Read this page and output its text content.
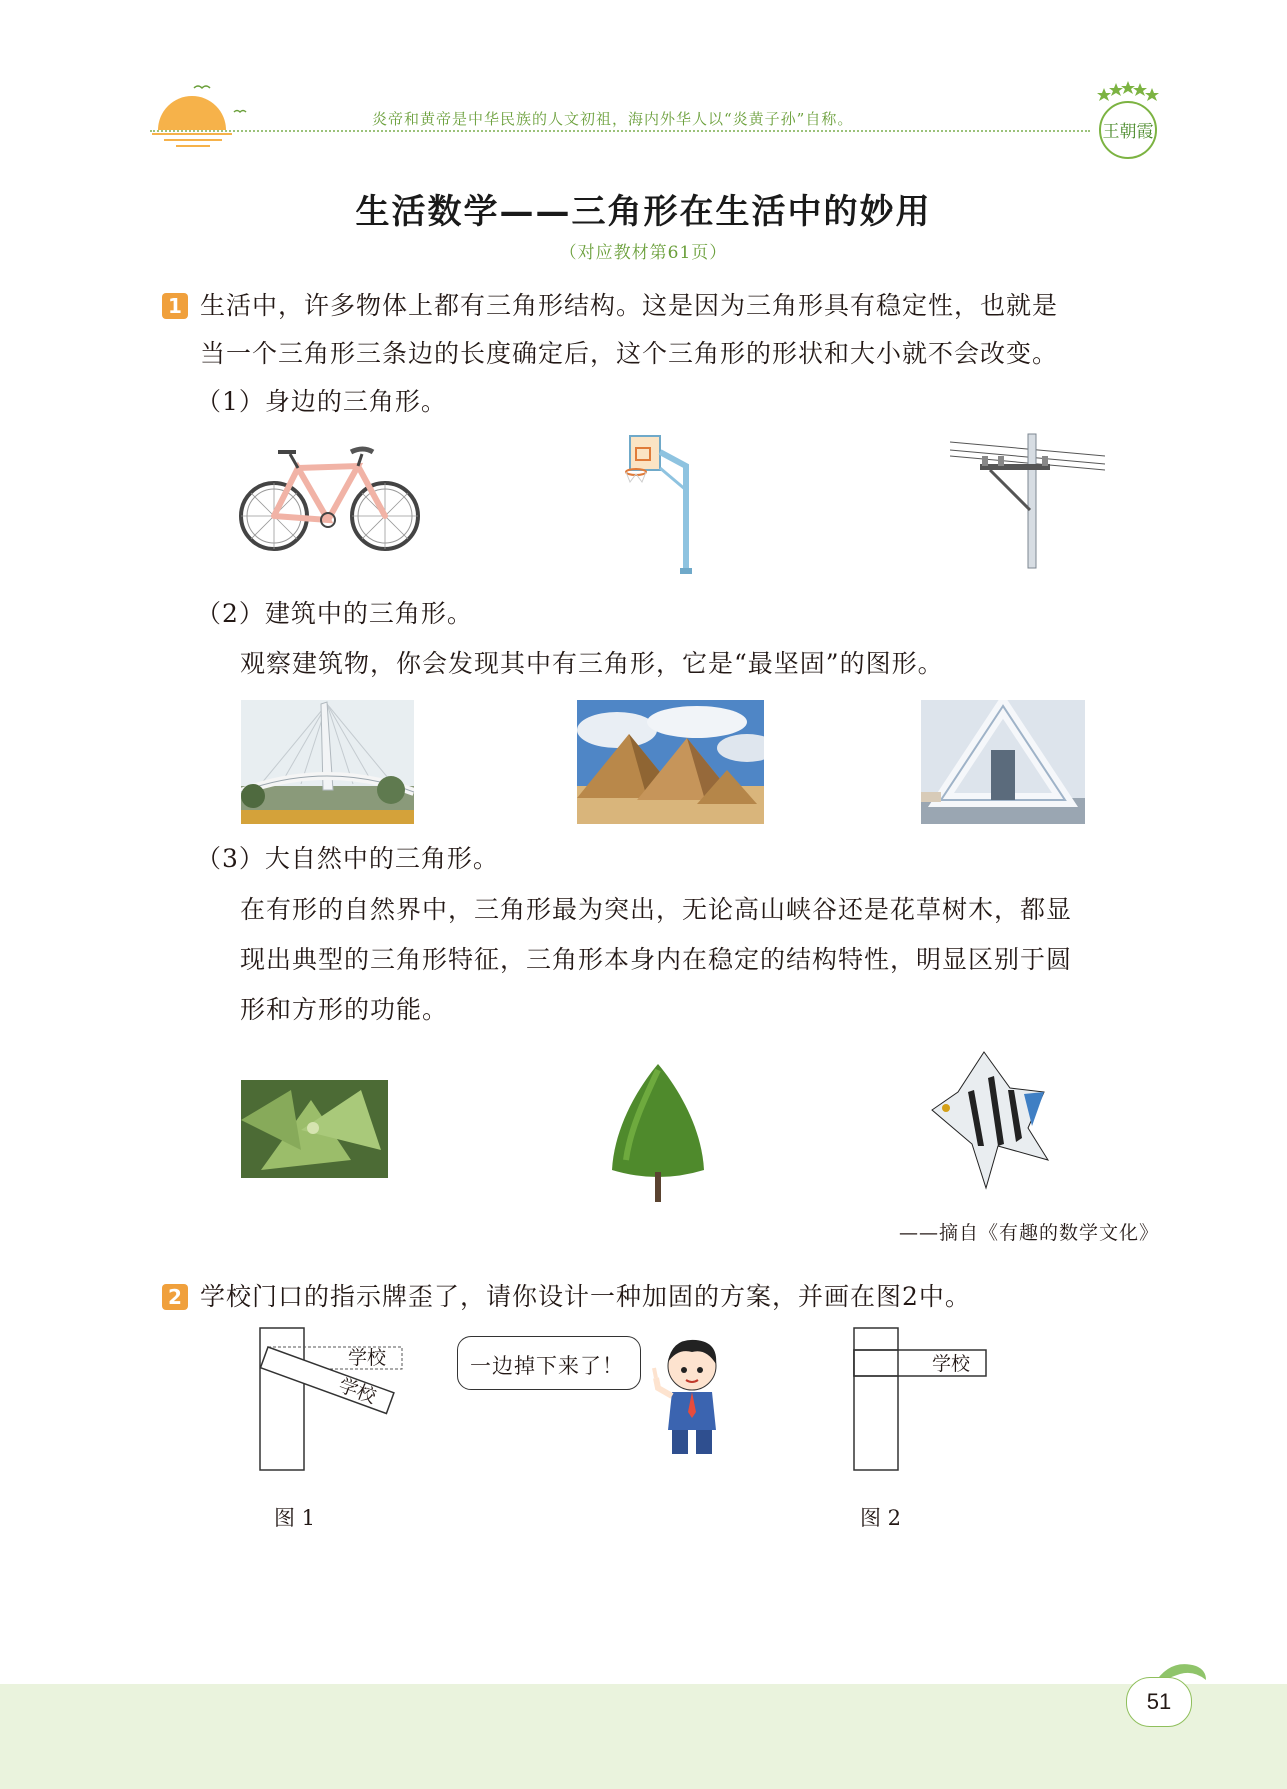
炎帝和黄帝是中华民族的人文初祖，海内外华人以“炎黄子孙”自称。
王朝霞
生活数学——三角形在生活中的妙用
（对应教材第61页）
1 生活中，许多物体上都有三角形结构。这是因为三角形具有稳定性，也就是
当一个三角形三条边的长度确定后，这个三角形的形状和大小就不会改变。
（1）身边的三角形。
（2）建筑中的三角形。
观察建筑物，你会发现其中有三角形，它是“最坚固”的图形。
（3）大自然中的三角形。
在有形的自然界中，三角形最为突出，无论高山峡谷还是花草树木，都显
现出典型的三角形特征，三角形本身内在稳定的结构特性，明显区别于圆
形和方形的功能。
——摘自《有趣的数学文化》
2 学校门口的指示牌歪了，请你设计一种加固的方案，并画在图2中。
学校
学校
一边掉下来了！	学校
图 1	图 2
51
